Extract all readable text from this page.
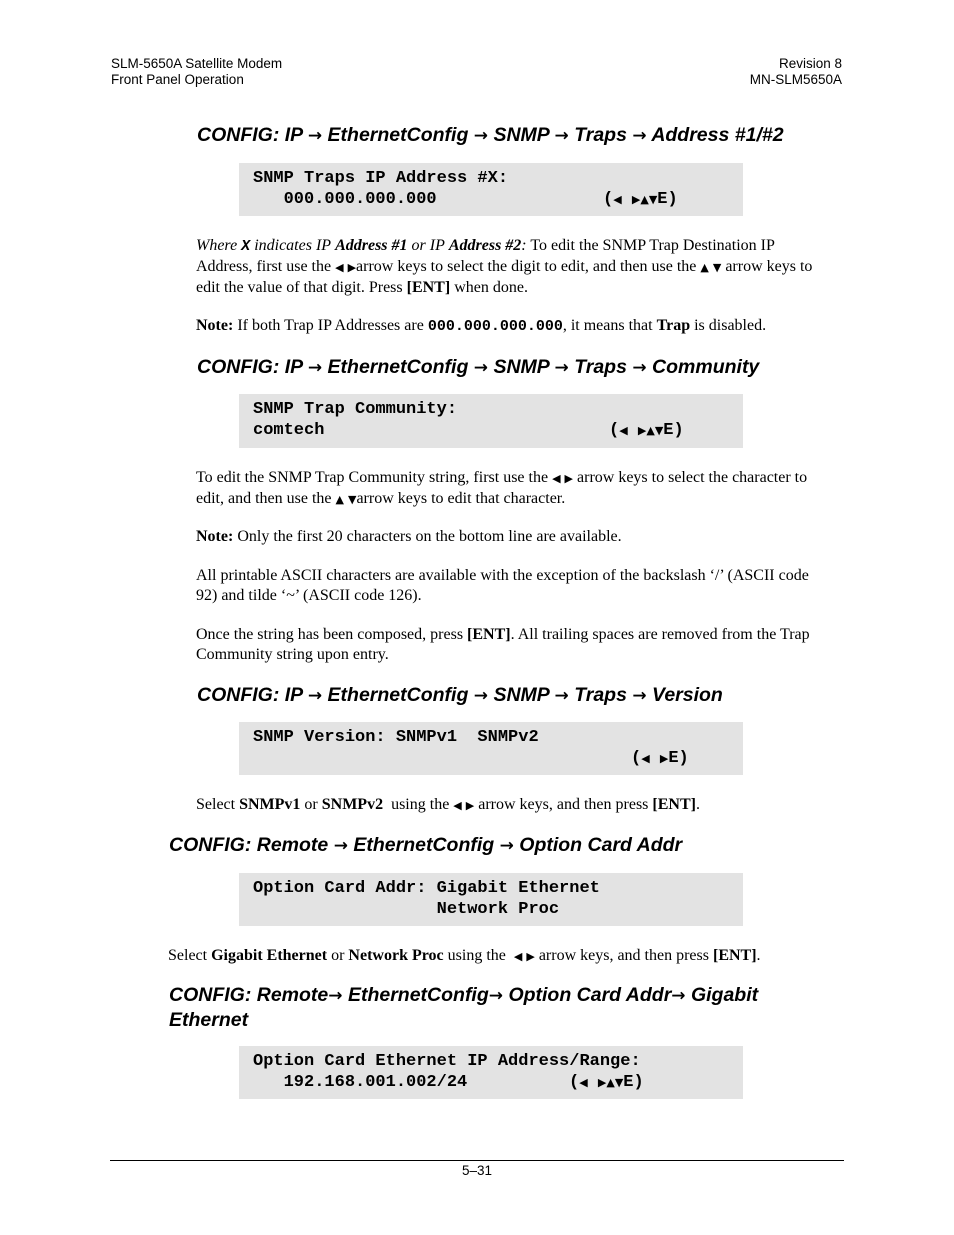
SLM-5650A Satellite Modem
Front Panel Operation
Revision 8
MN-SLM5650A
CONFIG: IP → EthernetConfig → SNMP → Traps → Address #1/#2
SNMP Traps IP Address #X:
000.000.000.000
	(◀ ▶▲▼E)

Where X indicates IP Address #1 or IP Address #2: To edit the SNMP Trap Destination IP Address, first use the ◀ ▶arrow keys to select the digit to edit, and then use the ▲ ▼ arrow keys to edit the value of that digit. Press [ENT] when done.

Note: If both Trap IP Addresses are 000.000.000.000, it means that Trap is disabled.

CONFIG: IP → EthernetConfig → SNMP → Traps → Community
SNMP Trap Community:
comtech
	(◀ ▶▲▼E)

To edit the SNMP Trap Community string, first use the ◀ ▶ arrow keys to select the character to edit, and then use the ▲ ▼arrow keys to edit that character.

Note: Only the first 20 characters on the bottom line are available.

All printable ASCII characters are available with the exception of the backslash ‘/’ (ASCII code 92) and tilde ‘~’ (ASCII code 126).

Once the string has been composed, press [ENT]. All trailing spaces are removed from the Trap Community string upon entry.

CONFIG: IP → EthernetConfig → SNMP → Traps → Version
SNMP Version: SNMPv1  SNMPv2

(◀ ▶E)

Select SNMPv1 or SNMPv2 using the ◀ ▶ arrow keys, and then press [ENT].

CONFIG: Remote → EthernetConfig → Option Card Addr
Option Card Addr: Gigabit Ethernet
Network Proc

Select Gigabit Ethernet or Network Proc using the ◀ ▶ arrow keys, and then press [ENT].

CONFIG: Remote→ EthernetConfig→ Option Card Addr→ Gigabit
Ethernet
Option Card Ethernet IP Address/Range:
192.168.001.002/24
	(◀ ▶▲▼E)

5–31
